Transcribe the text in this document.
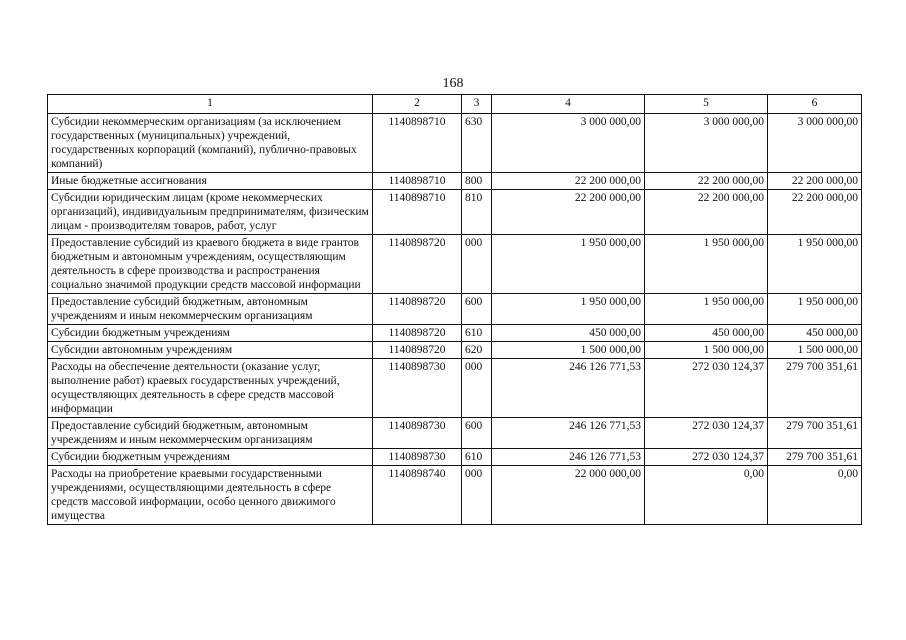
168
1	2	3	4	5	6
Субсидии некоммерческим организациям (за исключением государственных (муниципальных) учреждений, государственных корпораций (компаний), публично-правовых компаний)	1140898710	630	3 000 000,00	3 000 000,00	3 000 000,00
Иные бюджетные ассигнования	1140898710	800	22 200 000,00	22 200 000,00	22 200 000,00
Субсидии юридическим лицам (кроме некоммерческих организаций), индивидуальным предпринимателям, физическим лицам - производителям товаров, работ, услуг	1140898710	810	22 200 000,00	22 200 000,00	22 200 000,00
Предоставление субсидий из краевого бюджета в виде грантов бюджетным и автономным учреждениям, осуществляющим деятельность в сфере производства и распространения социально значимой продукции средств массовой информации	1140898720	000	1 950 000,00	1 950 000,00	1 950 000,00
Предоставление субсидий бюджетным, автономным учреждениям и иным некоммерческим организациям	1140898720	600	1 950 000,00	1 950 000,00	1 950 000,00
Субсидии бюджетным учреждениям	1140898720	610	450 000,00	450 000,00	450 000,00
Субсидии автономным учреждениям	1140898720	620	1 500 000,00	1 500 000,00	1 500 000,00
Расходы на обеспечение деятельности (оказание услуг, выполнение работ) краевых государственных учреждений, осуществляющих деятельность в сфере средств массовой информации	1140898730	000	246 126 771,53	272 030 124,37	279 700 351,61
Предоставление субсидий бюджетным, автономным учреждениям и иным некоммерческим организациям	1140898730	600	246 126 771,53	272 030 124,37	279 700 351,61
Субсидии бюджетным учреждениям	1140898730	610	246 126 771,53	272 030 124,37	279 700 351,61
Расходы на приобретение краевыми государственными учреждениями, осуществляющими деятельность в сфере средств массовой информации, особо ценного движимого имущества	1140898740	000	22 000 000,00	0,00	0,00
